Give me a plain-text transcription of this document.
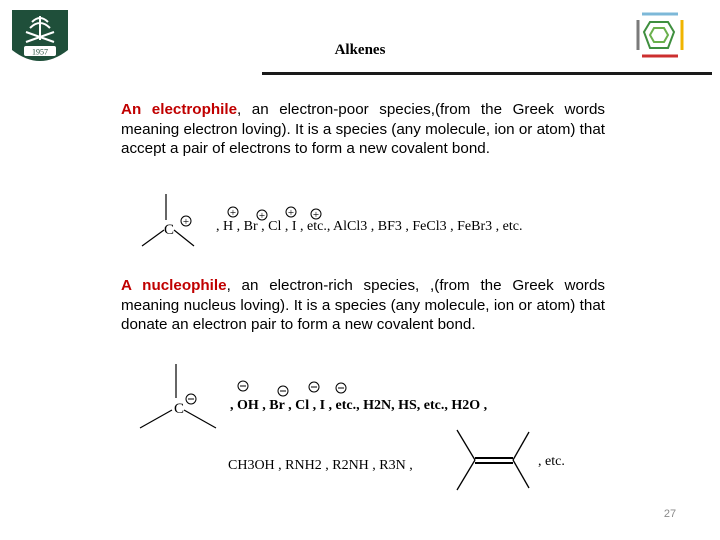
1957	Alkenes
An electrophile, an electron-poor species,(from the Greek words meaning electron loving). It is a species (any molecule, ion or atom) that accept a pair of electrons to form a new covalent bond.
C +
+ + + +
, H , Br , Cl , I , etc., AlCl3 , BF3 , FeCl3 , FeBr3 , etc.
A nucleophile, an electron-rich species, ,(from the Greek words meaning nucleus loving). It is a species (any molecule, ion or atom) that donate an electron pair to form a new covalent bond.
C	, OH , Br , Cl , I , etc., H2N, HS, etc., H2O ,
CH3OH , RNH2 , R2NH , R3N ,	, etc.
27
